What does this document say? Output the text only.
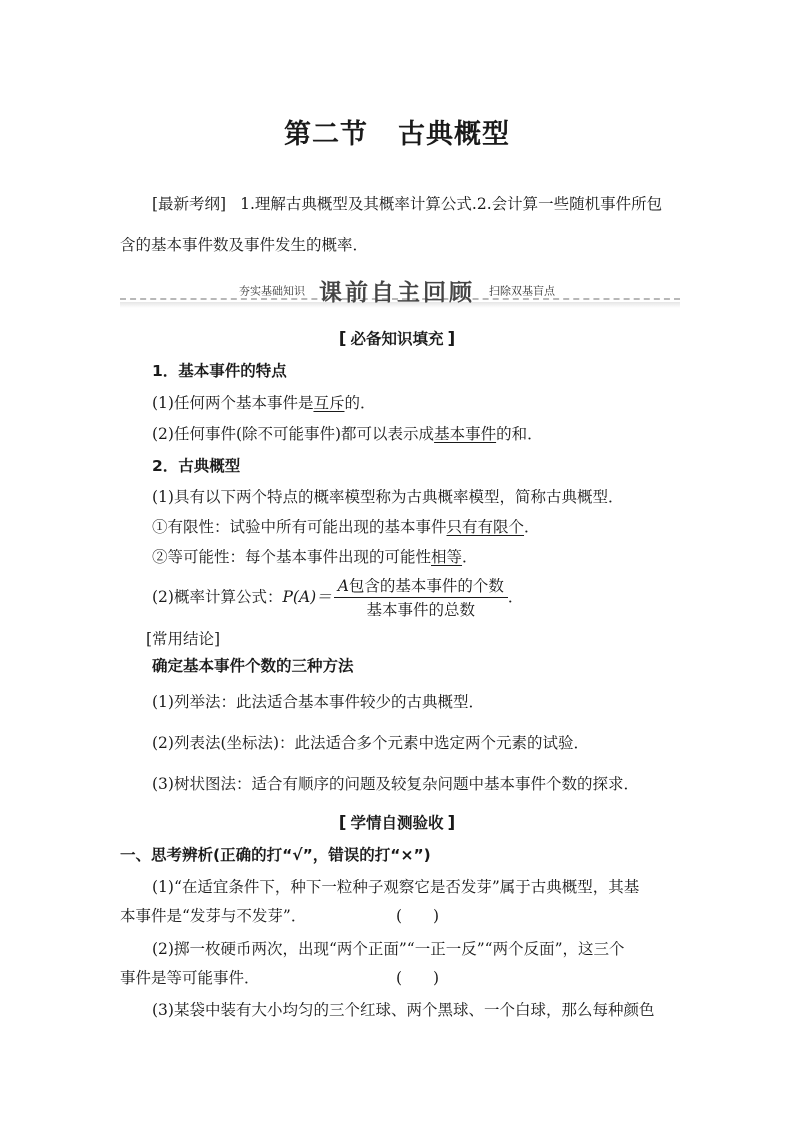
第二节 古典概型
[最新考纲] 1.理解古典概型及其概率计算公式.2.会计算一些随机事件所包
含的基本事件数及事件发生的概率．
夯实基础知识 课前自主回顾 扫除双基盲点
[ 必备知识填充 ]
1．基本事件的特点
(1)任何两个基本事件是互斥的．
(2)任何事件(除不可能事件)都可以表示成基本事件的和．
2．古典概型
(1)具有以下两个特点的概率模型称为古典概率模型，简称古典概型．
①有限性：试验中所有可能出现的基本事件只有有限个．
②等可能性：每个基本事件出现的可能性相等．
(2)概率计算公式：$P(A)= \frac{\text{A包含的基本事件的个数}}{\text{基本事件的总数}}$ ．
[常用结论]
确定基本事件个数的三种方法
(1)列举法：此法适合基本事件较少的古典概型．
(2)列表法(坐标法)：此法适合多个元素中选定两个元素的试验．
(3)树状图法：适合有顺序的问题及较复杂问题中基本事件个数的探求．
[ 学情自测验收 ]
一、思考辨析(正确的打“√”，错误的打“×”)
(1)“在适宜条件下，种下一粒种子观察它是否发芽”属于古典概型，其基
本事件是“发芽与不发芽”．	(　　)
(2)掷一枚硬币两次，出现“两个正面”“一正一反”“两个反面”，这三个
事件是等可能事件．	(　　)
(3)某袋中装有大小均匀的三个红球、两个黑球、一个白球，那么每种颜色
